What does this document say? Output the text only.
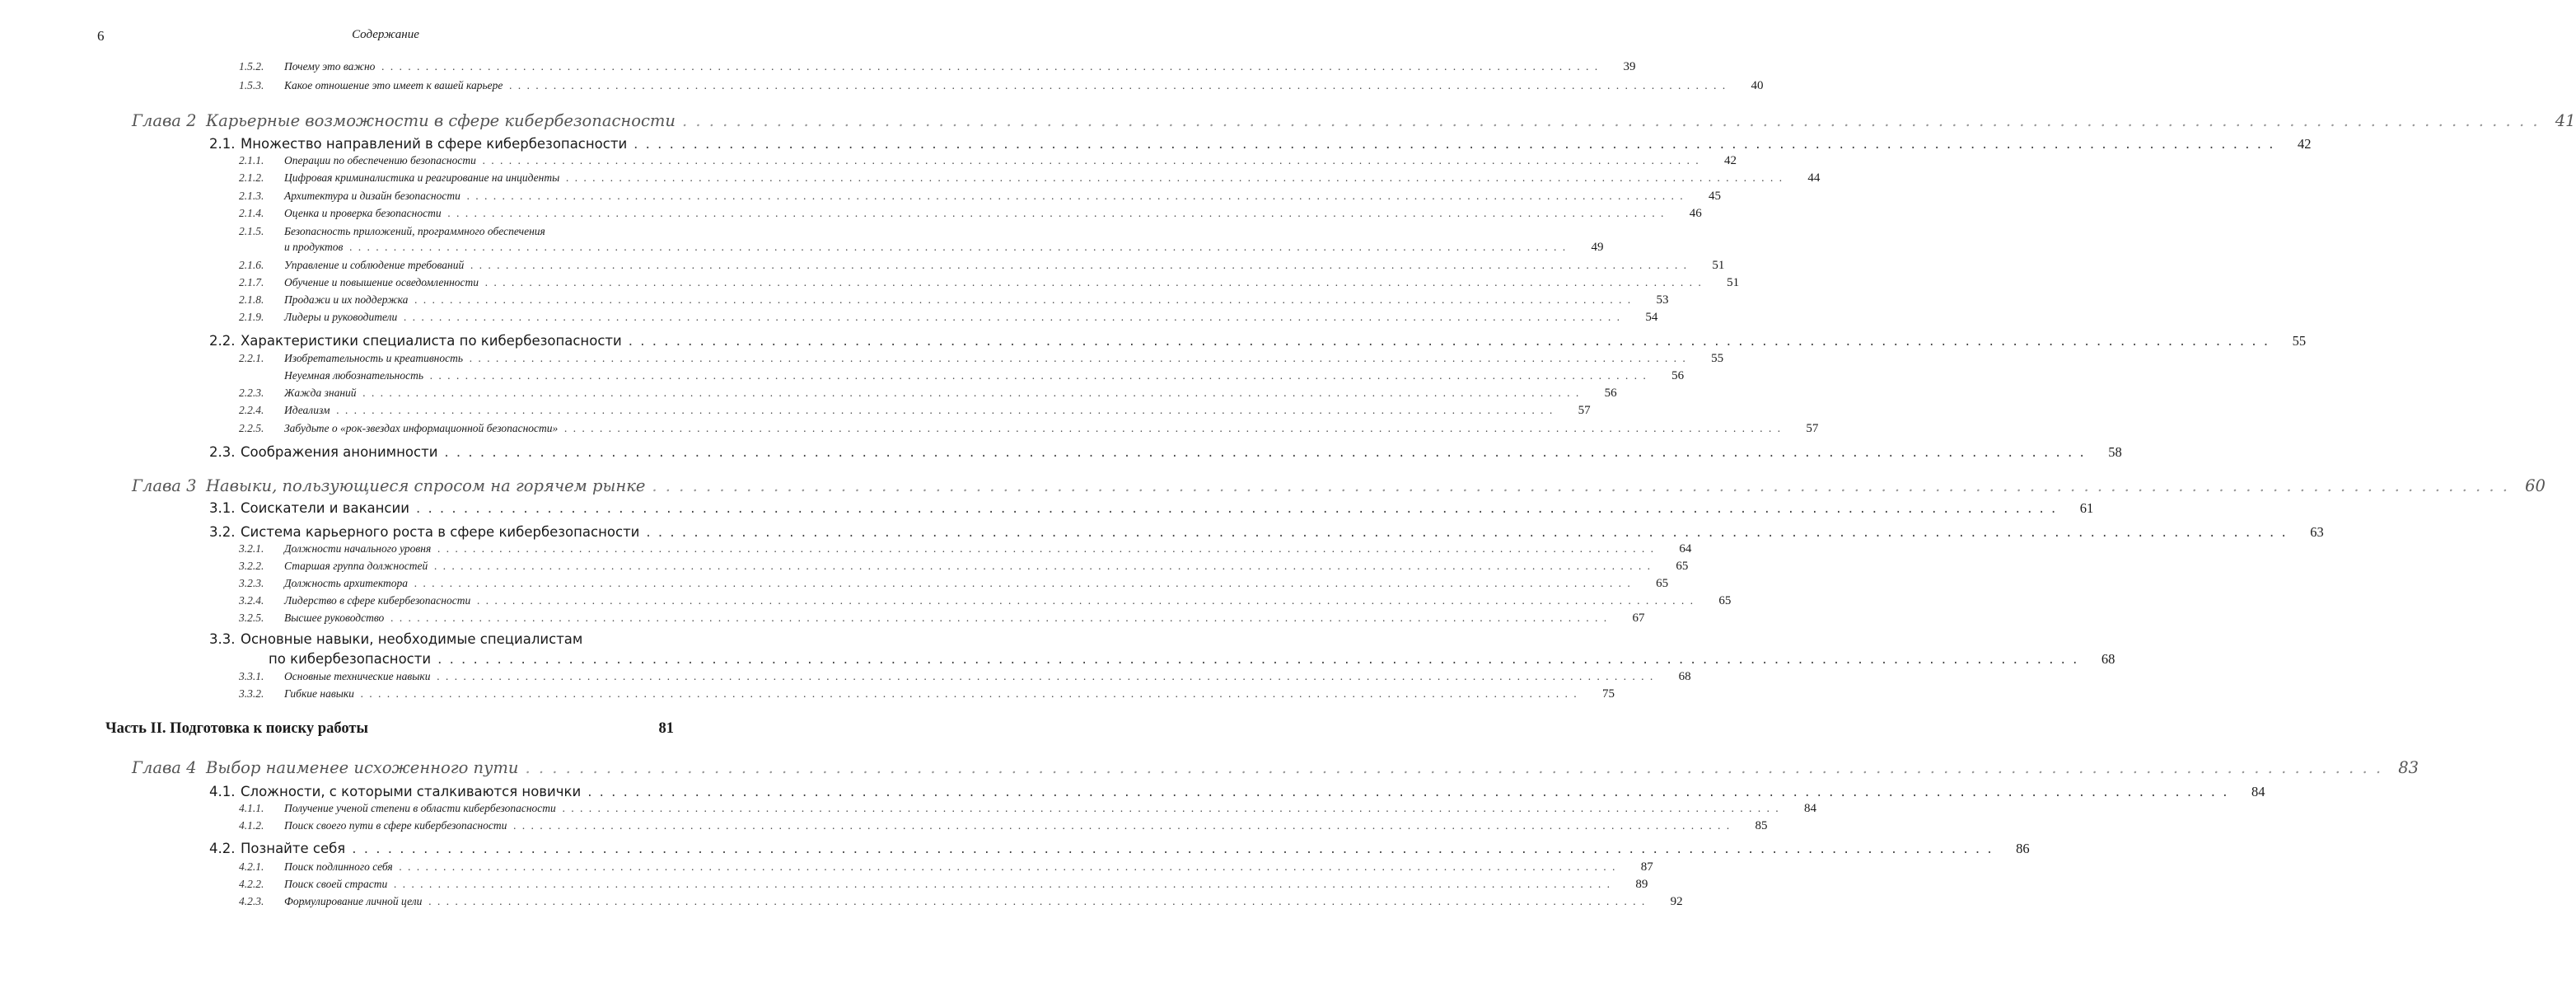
6	Содержание
1.5.2.	Почему это важно . . .	39
1.5.3.	Какое отношение это имеет к вашей карьере . . .	40
Глава 2 Карьерные возможности в сфере кибербезопасности . . .	41
2.1. Множество направлений в сфере кибербезопасности . . .	42
2.1.1.	Операции по обеспечению безопасности . . .	42
2.1.2.	Цифровая криминалистика и реагирование на инциденты . . .	44
2.1.3.	Архитектура и дизайн безопасности . . .	45
2.1.4.	Оценка и проверка безопасности . . .	46
2.1.5. Безопасность приложений, программного обеспечения
и продуктов . . .	49
2.1.6.	Управление и соблюдение требований . . .	51
2.1.7.	Обучение и повышение осведомленности . . .	51
2.1.8.	Продажи и их поддержка . . .	53
2.1.9.	Лидеры и руководители . . .	54
2.2. Характеристики специалиста по кибербезопасности . . .	55
2.2.1.	Изобретательность и креативность . . .	55
Неуемная любознательность . . .	56
2.2.3.	Жажда знаний . . .	56
2.2.4.	Идеализм . . .	57
2.2.5.	Забудьте о «рок-звездах информационной безопасности» . . .	57
2.3. Соображения анонимности . . .	58
Глава 3 Навыки, пользующиеся спросом на горячем рынке . . .	60
3.1. Соискатели и вакансии . . .	61
3.2. Система карьерного роста в сфере кибербезопасности . . .	63
3.2.1.	Должности начального уровня . . .	64
3.2.2.	Старшая группа должностей . . .	65
3.2.3.	Должность архитектора . . .	65
3.2.4.	Лидерство в сфере кибербезопасности . . .	65
3.2.5.	Высшее руководство . . .	67
3.3. Основные навыки, необходимые специалистам
по кибербезопасности . . .	68
3.3.1.	Основные технические навыки . . .	68
3.3.2.	Гибкие навыки . . .	75
Часть II. Подготовка к поиску работы	81
Глава 4 Выбор наименее исхоженного пути . . .	83
4.1. Сложности, с которыми сталкиваются новички . . .	84
4.1.1.	Получение ученой степени в области кибербезопасности . . .	84
4.1.2.	Поиск своего пути в сфере кибербезопасности . . .	85
4.2. Познайте себя . . .	86
4.2.1.	Поиск подлинного себя . . .	87
4.2.2.	Поиск своей страсти . . .	89
4.2.3.	Формулирование личной цели . . .	92
